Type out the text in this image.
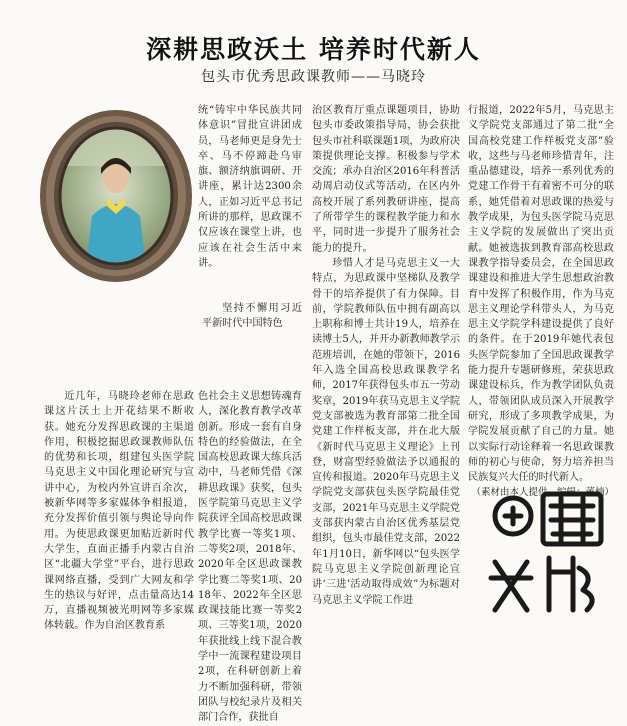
深耕思政沃土 培养时代新人
包头市优秀思政课教师——马晓玲

统“铸牢中华民族共同体意识”冒批宣讲团成员，马老师更是身先士卒、马不停蹄赴乌审旗、额济纳旗调研、开讲座，累计达2300余人，正如习近平总书记所讲的那样，思政课不仅应该在课堂上讲，也应该在社会生活中来讲。

坚持不懈用习近平新时代中国特色

近几年，马晓玲老师在思政课这片沃土上开花结果不断收获。她充分发挥思政课的主渠道作用，积极挖掘思政课教师队伍的优势和长项，组建包头医学院马克思主义中国化理论研究与宣讲中心，为校内外宣讲百余次，被新华网等多家媒体争相报道，充分发挥价值引领与舆论导向作用。为使思政课更加贴近新时代大学生，直面正播手内蒙古自治区“北疆大学堂”平台，进行思政课网络直播，受到广大网友和学生的热议与好评，点击量高达14万，直播视频被光明网等多家媒体转载。作为自治区教育系

色社会主义思想铸魂育人，深化教育教学改革创新。形成一套有自身特色的经验做法，在全国高校思政课大练兵活动中，马老师凭借《深耕思政课》获奖，包头医学院第马克思主义学院获评全国高校思政课教学比赛一等奖1项、二等奖2项，2018年、2020年全区思政课教学比赛二等奖1项、2018年、2022年全区思政课技能比赛一等奖2项、三等奖1项，2020年获批线上线下混合教学中一流课程建设项目2项，在科研创新上着力不断加强科研，带领团队与校纪录片及相关部门合作，获批自

治区教育厅重点课题项目，协助包头市委政策指导局，协会获批包头市社科联课题1项，为政府决策提供理论支撑。积极参与学术交流；承办自治区2016年科普活动周启动仪式等活动，在区内外高校开展了系列教研讲座，提高了所带学生的课程教学能力和水平，同时进一步提升了服务社会能力的提升。

珍惜人才是马克思主义一大特点，为思政课中坚梯队及教学骨干的培养提供了有力保障。目前，学院教师队伍中拥有副高以上职称和博士共计19人，培养在读博士5人，并开办新教师教学示范班培训，在她的带领下，2016年入选全国高校思政课教学名师，2017年获得包头市五一劳动奖章，2019年获马克思主义学院党支部被选为教育部第二批全国党建工作样板支部，并在北大版《新时代马克思主义理论》上刊登，财富型经验做法予以通报的宣传和报道。2020年马克思主义学院党支部获包头医学院最佳党支部，2021年马克思主义学院党支部获内蒙古自治区优秀基层党组织，包头市最佳党支部，2022年1月10日，新华网以“包头医学院马克思主义学院创新理论宣讲‘三进’活动取得成效”为标题对马克思主义学院工作进

行报道，2022年5月，马克思主义学院党支部通过了第二批“全国高校党建工作样板党支部”验收，这些与马老师珍惜青年，注重品德建设，培养一系列优秀的党建工作骨干有着密不可分的联系，她凭借着对思政课的热爱与教学成果，为包头医学院马克思主义学院的发展做出了突出贡献。她被选拔到教育部高校思政课教学指导委员会，在全国思政课建设和推进大学生思想政治教育中发挥了积极作用，作为马克思主义理论学科带头人，为马克思主义学院学科建设提供了良好的条件。在于2019年她代表包头医学院参加了全国思政课教学能力提升专题研修班，荣获思政课建设标兵，作为教学团队负责人，带领团队成员深入开展教学研究，形成了多项教学成果，为学院发展贡献了自己的力量。她以实际行动诠释着一名思政课教师的初心与使命，努力培养担当民族复兴大任的时代新人。

（素材由本人提供，编辑：董楠）
